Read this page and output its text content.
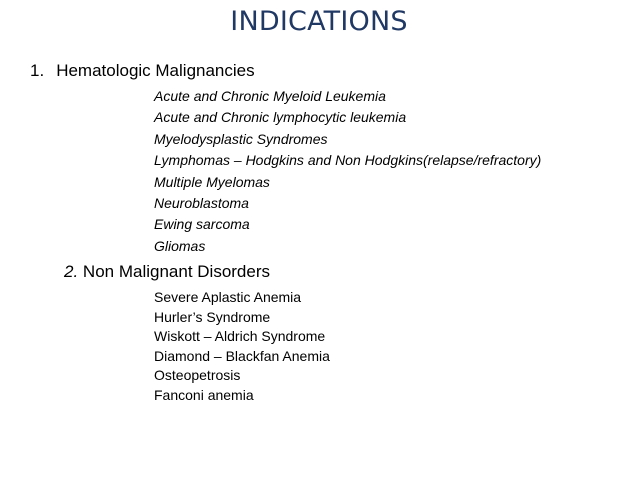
INDICATIONS
1. Hematologic Malignancies
Acute and Chronic Myeloid Leukemia
Acute and Chronic lymphocytic leukemia
Myelodysplastic Syndromes
Lymphomas – Hodgkins and Non Hodgkins(relapse/refractory)
Multiple Myelomas
Neuroblastoma
Ewing sarcoma
Gliomas
2. Non Malignant Disorders
Severe Aplastic Anemia
Hurler’s Syndrome
Wiskott – Aldrich Syndrome
Diamond – Blackfan Anemia
Osteopetrosis
Fanconi anemia
